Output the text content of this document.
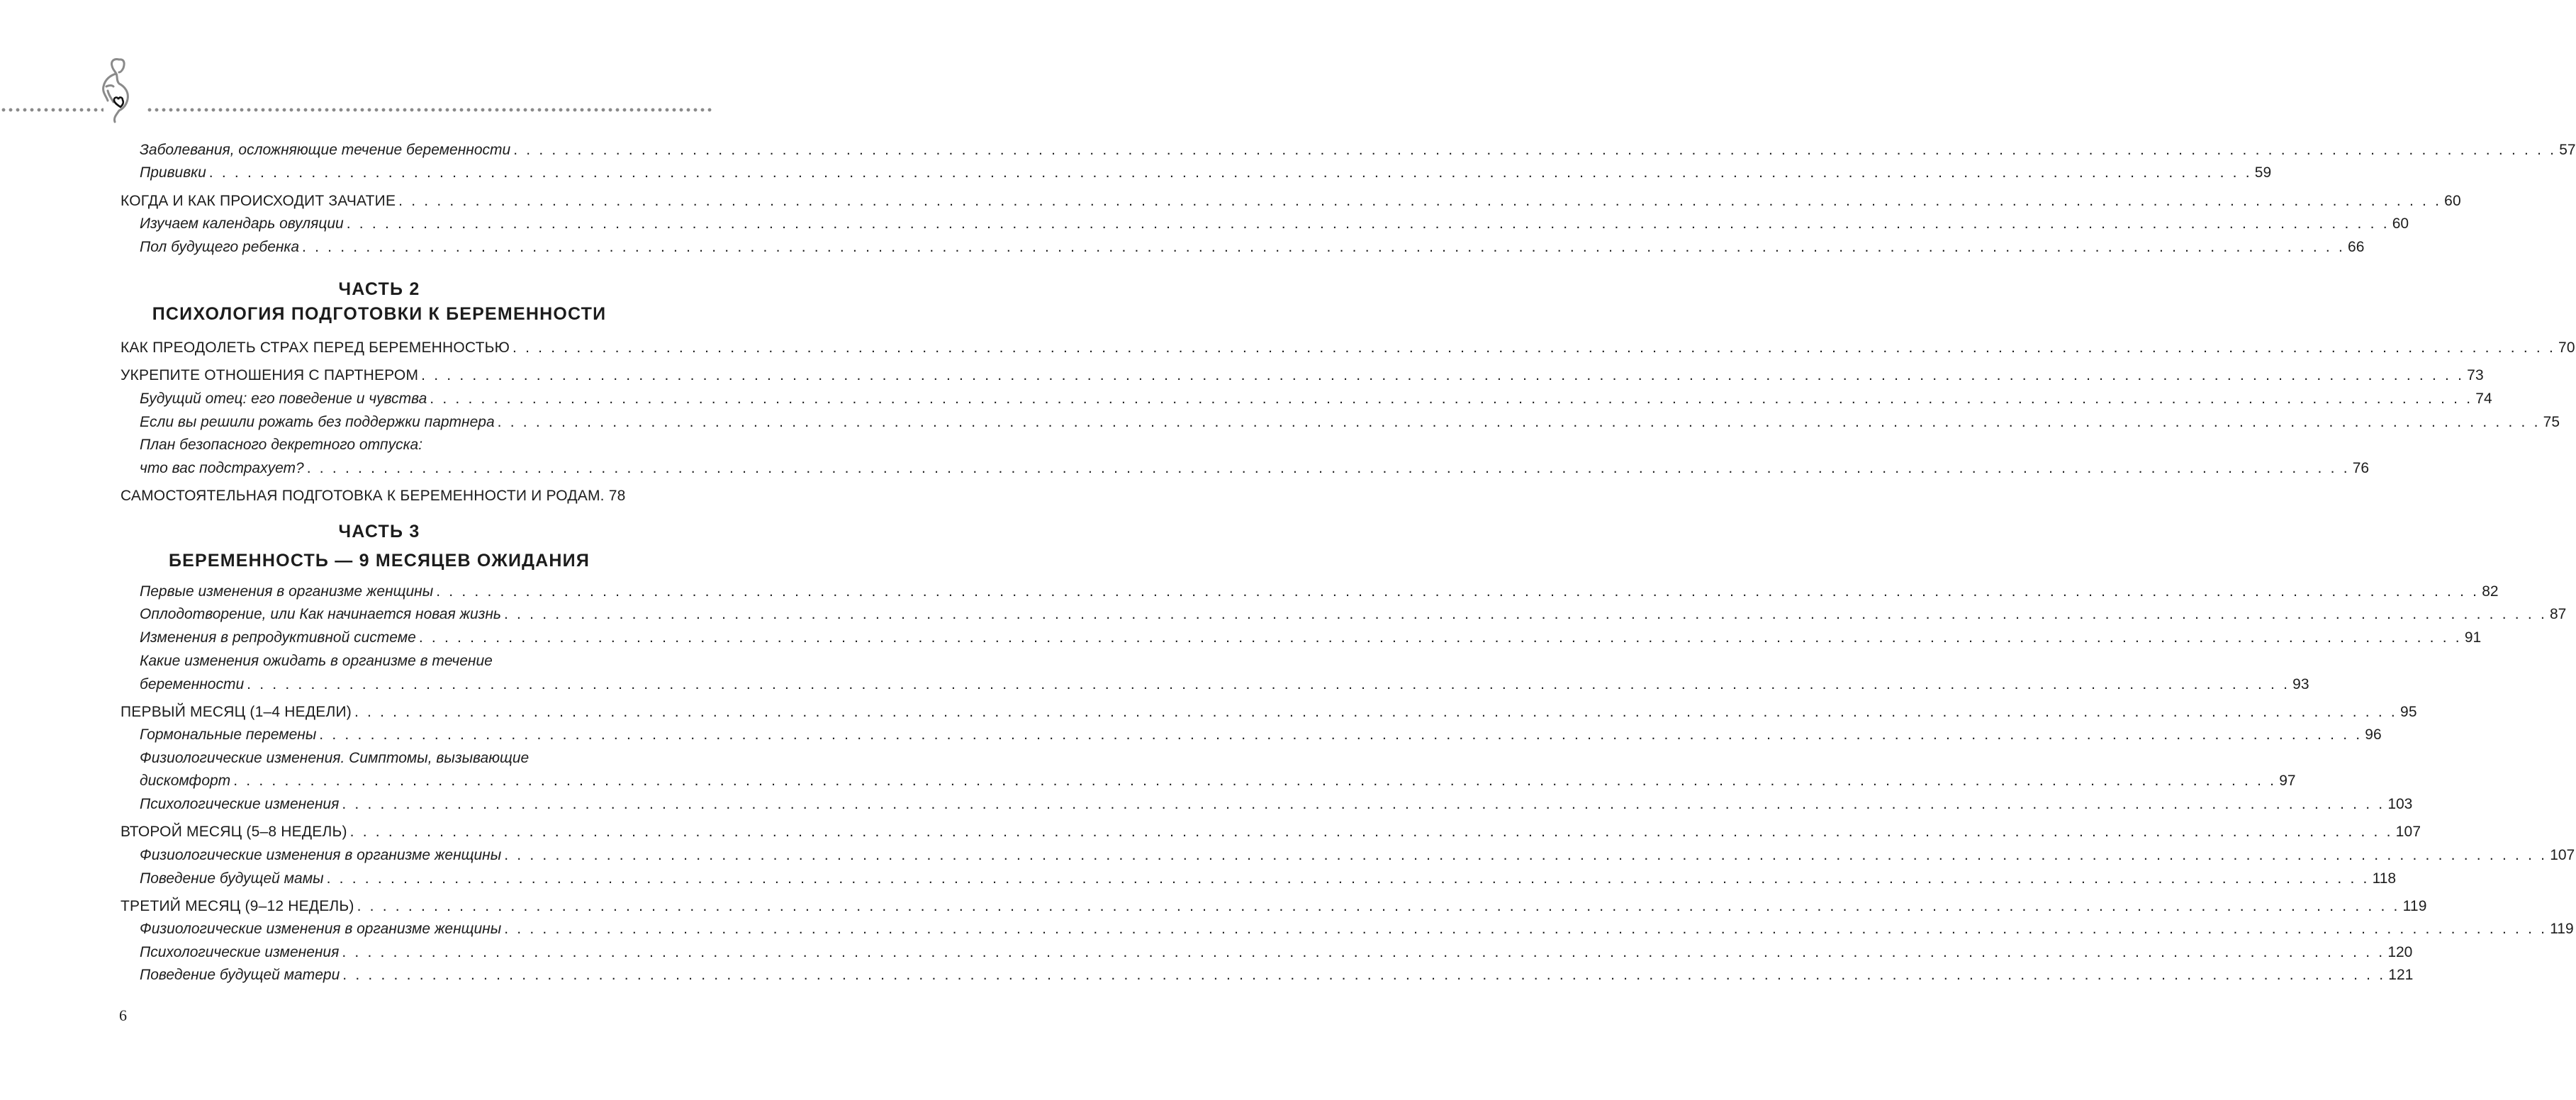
Заболевания, осложняющие течение беременности . . . . . . . . . . . . . . . . . . . . . . . . . . . . . . . . . . . . . . . . . . . . . . . . . . . . . . . . . . . . . . . . . . . . . . . . . . . . . . . . . . . . . . . . . . . . . . . . . . . . . . . . . . . . . . . . . . . . . . . . . . . . . . . . . . . . . . . . . . . . . . . . . . . . . . . . . . . . . . . . 57
Прививки . . . . . . . . . . . . . . . . . . . . . . . . . . . . . . . . . . . . . . . . . . . . . . . . . . . . . . . . . . . . . . . . . . . . . . . . . . . . . . . . . . . . . . . . . . . . . . . . . . . . . . . . . . . . . . . . . . . . . . . . . . . . . . . . . . . . . . . . . . . . . . . . . . . . . . . . . . . . . . . . 59
КОГДА И КАК ПРОИСХОДИТ ЗАЧАТИЕ . . . . . . . . . . . . . . . . . . . . . . . . . . . . . . . . . . . . . . . . . . . . . . . . . . . . . . . . . . . . . . . . . . . . . . . . . . . . . . . . . . . . . . . . . . . . . . . . . . . . . . . . . . . . . . . . . . . . . . . . . . . . . . . . . . . . . . . . . . . . . . . . . . . . . . . . . . . . . . . . 60
Изучаем календарь овуляции . . . . . . . . . . . . . . . . . . . . . . . . . . . . . . . . . . . . . . . . . . . . . . . . . . . . . . . . . . . . . . . . . . . . . . . . . . . . . . . . . . . . . . . . . . . . . . . . . . . . . . . . . . . . . . . . . . . . . . . . . . . . . . . . . . . . . . . . . . . . . . . . . . . . . . . . . . . . . . . . 60
Пол будущего ребенка . . . . . . . . . . . . . . . . . . . . . . . . . . . . . . . . . . . . . . . . . . . . . . . . . . . . . . . . . . . . . . . . . . . . . . . . . . . . . . . . . . . . . . . . . . . . . . . . . . . . . . . . . . . . . . . . . . . . . . . . . . . . . . . . . . . . . . . . . . . . . . . . . . . . . . . . . . . . . . . . 66
ЧАСТЬ 2
ПСИХОЛОГИЯ ПОДГОТОВКИ К БЕРЕМЕННОСТИ
КАК ПРЕОДОЛЕТЬ СТРАХ ПЕРЕД БЕРЕМЕННОСТЬЮ . . . . . . . . . . . . . . . . . . . . . . . . . . . . . . . . . . . . . . . . . . . . . . . . . . . . . . . . . . . . . . . . . . . . . . . . . . . . . . . . . . . . . . . . . . . . . . . . . . . . . . . . . . . . . . . . . . . . . . . . . . . . . . . . . . . . . . . . . . . . . . . . . . . . . . . . . . . . . . . . 70
УКРЕПИТЕ ОТНОШЕНИЯ С ПАРТНЕРОМ . . . . . . . . . . . . . . . . . . . . . . . . . . . . . . . . . . . . . . . . . . . . . . . . . . . . . . . . . . . . . . . . . . . . . . . . . . . . . . . . . . . . . . . . . . . . . . . . . . . . . . . . . . . . . . . . . . . . . . . . . . . . . . . . . . . . . . . . . . . . . . . . . . . . . . . . . . . . . . . . 73
Будущий отец: его поведение и чувства . . . . . . . . . . . . . . . . . . . . . . . . . . . . . . . . . . . . . . . . . . . . . . . . . . . . . . . . . . . . . . . . . . . . . . . . . . . . . . . . . . . . . . . . . . . . . . . . . . . . . . . . . . . . . . . . . . . . . . . . . . . . . . . . . . . . . . . . . . . . . . . . . . . . . . . . . . . . . . . . 74
Если вы решили рожать без поддержки партнера . . . . . . . . . . . . . . . . . . . . . . . . . . . . . . . . . . . . . . . . . . . . . . . . . . . . . . . . . . . . . . . . . . . . . . . . . . . . . . . . . . . . . . . . . . . . . . . . . . . . . . . . . . . . . . . . . . . . . . . . . . . . . . . . . . . . . . . . . . . . . . . . . . . . . . . . . . . . . . . . 75
План безопасного декретного отпуска:
что вас подстрахует? . . . . . . . . . . . . . . . . . . . . . . . . . . . . . . . . . . . . . . . . . . . . . . . . . . . . . . . . . . . . . . . . . . . . . . . . . . . . . . . . . . . . . . . . . . . . . . . . . . . . . . . . . . . . . . . . . . . . . . . . . . . . . . . . . . . . . . . . . . . . . . . . . . . . . . . . . . . . . . . . 76
САМОСТОЯТЕЛЬНАЯ ПОДГОТОВКА К БЕРЕМЕННОСТИ И РОДАМ. 78
ЧАСТЬ 3
БЕРЕМЕННОСТЬ — 9 МЕСЯЦЕВ ОЖИДАНИЯ
Первые изменения в организме женщины . . . . . . . . . . . . . . . . . . . . . . . . . . . . . . . . . . . . . . . . . . . . . . . . . . . . . . . . . . . . . . . . . . . . . . . . . . . . . . . . . . . . . . . . . . . . . . . . . . . . . . . . . . . . . . . . . . . . . . . . . . . . . . . . . . . . . . . . . . . . . . . . . . . . . . . . . . . . . . . . 82
Оплодотворение, или Как начинается новая жизнь . . . . . . . . . . . . . . . . . . . . . . . . . . . . . . . . . . . . . . . . . . . . . . . . . . . . . . . . . . . . . . . . . . . . . . . . . . . . . . . . . . . . . . . . . . . . . . . . . . . . . . . . . . . . . . . . . . . . . . . . . . . . . . . . . . . . . . . . . . . . . . . . . . . . . . . . . . . . . . . . 87
Изменения в репродуктивной системе . . . . . . . . . . . . . . . . . . . . . . . . . . . . . . . . . . . . . . . . . . . . . . . . . . . . . . . . . . . . . . . . . . . . . . . . . . . . . . . . . . . . . . . . . . . . . . . . . . . . . . . . . . . . . . . . . . . . . . . . . . . . . . . . . . . . . . . . . . . . . . . . . . . . . . . . . . . . . . . . 91
Какие изменения ожидать в организме в течение
беременности . . . . . . . . . . . . . . . . . . . . . . . . . . . . . . . . . . . . . . . . . . . . . . . . . . . . . . . . . . . . . . . . . . . . . . . . . . . . . . . . . . . . . . . . . . . . . . . . . . . . . . . . . . . . . . . . . . . . . . . . . . . . . . . . . . . . . . . . . . . . . . . . . . . . . . . . . . . . . . . . 93
ПЕРВЫЙ МЕСЯЦ (1–4 НЕДЕЛИ) . . . . . . . . . . . . . . . . . . . . . . . . . . . . . . . . . . . . . . . . . . . . . . . . . . . . . . . . . . . . . . . . . . . . . . . . . . . . . . . . . . . . . . . . . . . . . . . . . . . . . . . . . . . . . . . . . . . . . . . . . . . . . . . . . . . . . . . . . . . . . . . . . . . . . . . . . . . . . . . . 95
Гормональные перемены . . . . . . . . . . . . . . . . . . . . . . . . . . . . . . . . . . . . . . . . . . . . . . . . . . . . . . . . . . . . . . . . . . . . . . . . . . . . . . . . . . . . . . . . . . . . . . . . . . . . . . . . . . . . . . . . . . . . . . . . . . . . . . . . . . . . . . . . . . . . . . . . . . . . . . . . . . . . . . . . 96
Физиологические изменения. Симптомы, вызывающие
дискомфорт . . . . . . . . . . . . . . . . . . . . . . . . . . . . . . . . . . . . . . . . . . . . . . . . . . . . . . . . . . . . . . . . . . . . . . . . . . . . . . . . . . . . . . . . . . . . . . . . . . . . . . . . . . . . . . . . . . . . . . . . . . . . . . . . . . . . . . . . . . . . . . . . . . . . . . . . . . . . . . . . 97
Психологические изменения . . . . . . . . . . . . . . . . . . . . . . . . . . . . . . . . . . . . . . . . . . . . . . . . . . . . . . . . . . . . . . . . . . . . . . . . . . . . . . . . . . . . . . . . . . . . . . . . . . . . . . . . . . . . . . . . . . . . . . . . . . . . . . . . . . . . . . . . . . . . . . . . . . . . . . . . . . . . . . . . 103
ВТОРОЙ МЕСЯЦ (5–8 НЕДЕЛЬ) . . . . . . . . . . . . . . . . . . . . . . . . . . . . . . . . . . . . . . . . . . . . . . . . . . . . . . . . . . . . . . . . . . . . . . . . . . . . . . . . . . . . . . . . . . . . . . . . . . . . . . . . . . . . . . . . . . . . . . . . . . . . . . . . . . . . . . . . . . . . . . . . . . . . . . . . . . . . . . . . 107
Физиологические изменения в организме женщины . . . . . . . . . . . . . . . . . . . . . . . . . . . . . . . . . . . . . . . . . . . . . . . . . . . . . . . . . . . . . . . . . . . . . . . . . . . . . . . . . . . . . . . . . . . . . . . . . . . . . . . . . . . . . . . . . . . . . . . . . . . . . . . . . . . . . . . . . . . . . . . . . . . . . . . . . . . . . . . . 107
Поведение будущей мамы . . . . . . . . . . . . . . . . . . . . . . . . . . . . . . . . . . . . . . . . . . . . . . . . . . . . . . . . . . . . . . . . . . . . . . . . . . . . . . . . . . . . . . . . . . . . . . . . . . . . . . . . . . . . . . . . . . . . . . . . . . . . . . . . . . . . . . . . . . . . . . . . . . . . . . . . . . . . . . . . 118
ТРЕТИЙ МЕСЯЦ (9–12 НЕДЕЛЬ) . . . . . . . . . . . . . . . . . . . . . . . . . . . . . . . . . . . . . . . . . . . . . . . . . . . . . . . . . . . . . . . . . . . . . . . . . . . . . . . . . . . . . . . . . . . . . . . . . . . . . . . . . . . . . . . . . . . . . . . . . . . . . . . . . . . . . . . . . . . . . . . . . . . . . . . . . . . . . . . . 119
Физиологические изменения в организме женщины . . . . . . . . . . . . . . . . . . . . . . . . . . . . . . . . . . . . . . . . . . . . . . . . . . . . . . . . . . . . . . . . . . . . . . . . . . . . . . . . . . . . . . . . . . . . . . . . . . . . . . . . . . . . . . . . . . . . . . . . . . . . . . . . . . . . . . . . . . . . . . . . . . . . . . . . . . . . . . . . 119
Психологические изменения . . . . . . . . . . . . . . . . . . . . . . . . . . . . . . . . . . . . . . . . . . . . . . . . . . . . . . . . . . . . . . . . . . . . . . . . . . . . . . . . . . . . . . . . . . . . . . . . . . . . . . . . . . . . . . . . . . . . . . . . . . . . . . . . . . . . . . . . . . . . . . . . . . . . . . . . . . . . . . . . 120
Поведение будущей матери . . . . . . . . . . . . . . . . . . . . . . . . . . . . . . . . . . . . . . . . . . . . . . . . . . . . . . . . . . . . . . . . . . . . . . . . . . . . . . . . . . . . . . . . . . . . . . . . . . . . . . . . . . . . . . . . . . . . . . . . . . . . . . . . . . . . . . . . . . . . . . . . . . . . . . . . . . . . . . . . 121
6
